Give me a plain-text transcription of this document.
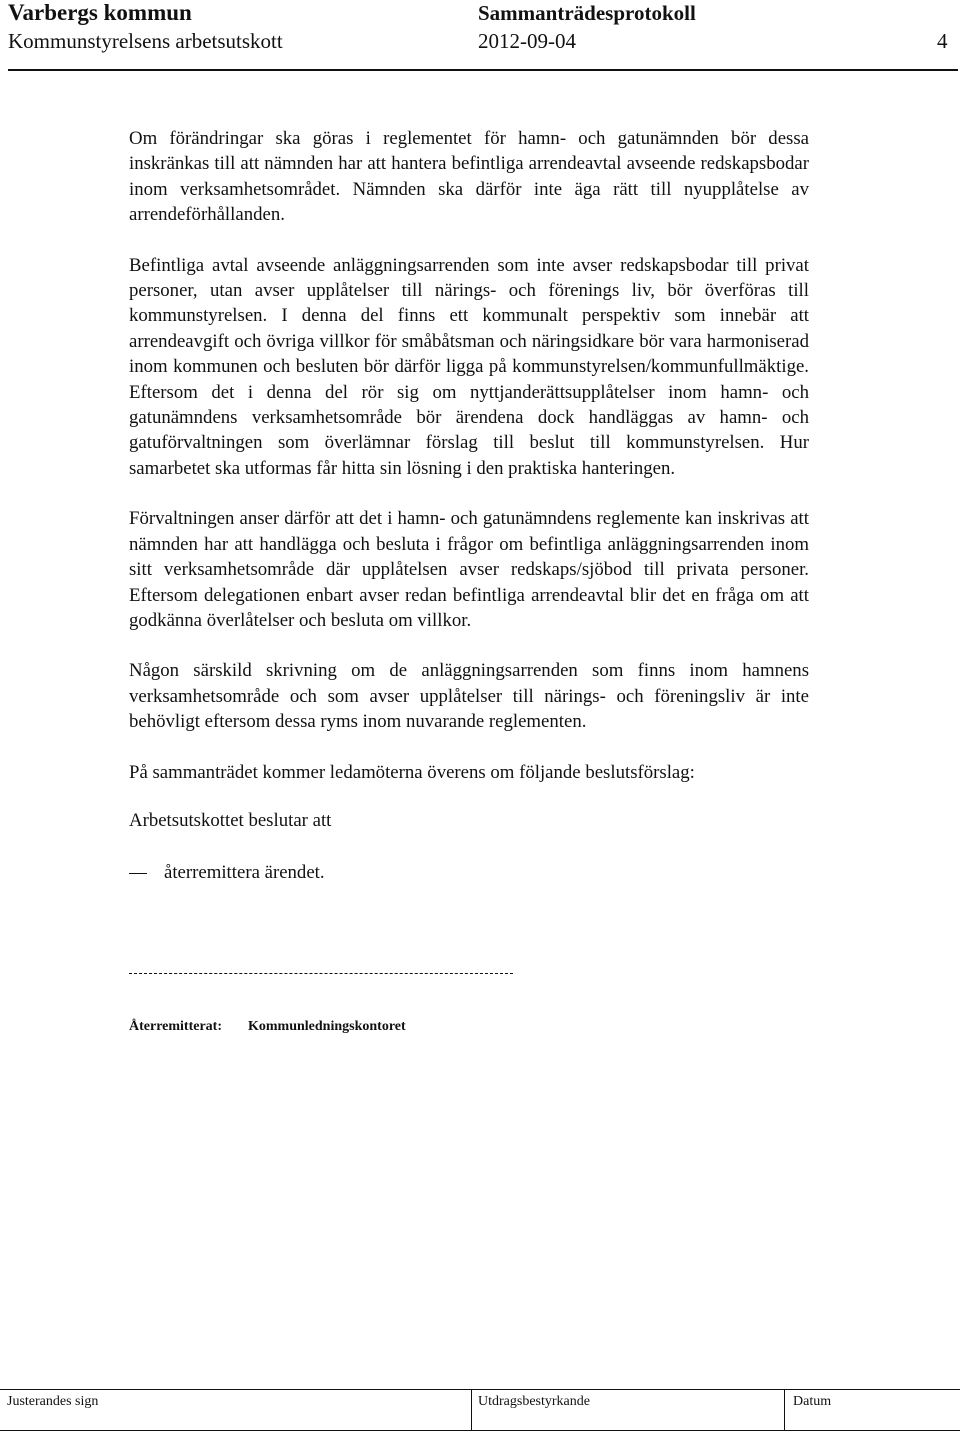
Varbergs kommun	Sammanträdesprotokoll
Kommunstyrelsens arbetsutskott	2012-09-04	4

Om förändringar ska göras i reglementet för hamn- och gatunämnden bör dessa inskränkas till att nämnden har att hantera befintliga arrendeavtal avseende redskapsbodar inom verksamhetsområdet. Nämnden ska därför inte äga rätt till nyupplåtelse av arrendeförhållanden.

Befintliga avtal avseende anläggningsarrenden som inte avser redskapsbodar till privat personer, utan avser upplåtelser till närings- och förenings liv, bör överföras till kommunstyrelsen. I denna del finns ett kommunalt perspektiv som innebär att arrendeavgift och övriga villkor för småbåtsman och näringsidkare bör vara harmoniserad inom kommunen och besluten bör därför ligga på kommunstyrelsen/kommunfullmäktige. Eftersom det i denna del rör sig om nyttjanderättsupplåtelser inom hamn- och gatunämndens verksamhetsområde bör ärendena dock handläggas av hamn- och gatuförvaltningen som överlämnar förslag till beslut till kommunstyrelsen. Hur samarbetet ska utformas får hitta sin lösning i den praktiska hanteringen.

Förvaltningen anser därför att det i hamn- och gatunämndens reglemente kan inskrivas att nämnden har att handlägga och besluta i frågor om befintliga anläggningsarrenden inom sitt verksamhetsområde där upplåtelsen avser redskaps/sjöbod till privata personer. Eftersom delegationen enbart avser redan befintliga arrendeavtal blir det en fråga om att godkänna överlåtelser och besluta om villkor.

Någon särskild skrivning om de anläggningsarrenden som finns inom hamnens verksamhetsområde och som avser upplåtelser till närings- och föreningsliv är inte behövligt eftersom dessa ryms inom nuvarande reglementen.

På sammanträdet kommer ledamöterna överens om följande beslutsförslag:

Arbetsutskottet beslutar att

återremittera ärendet.
Återremitterat: Kommunledningskontoret
Justerandes sign	Utdragsbestyrkande	Datum
